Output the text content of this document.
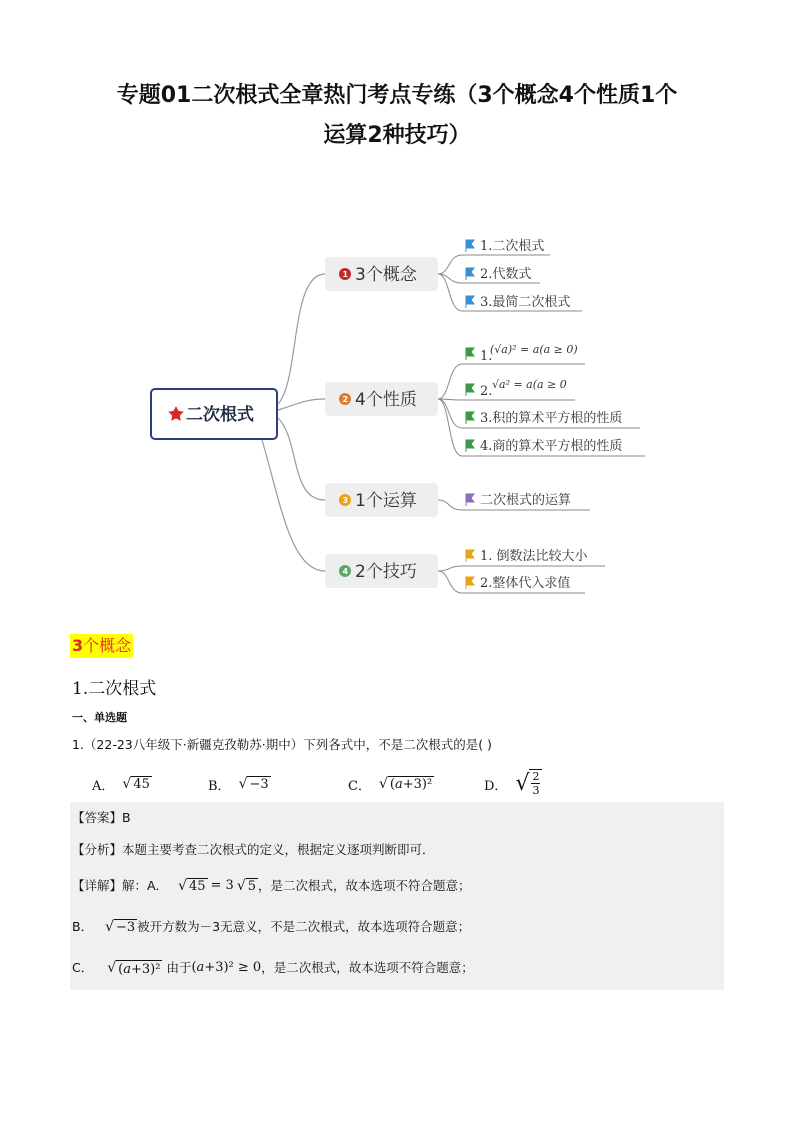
专题01二次根式全章热门考点专练（3个概念4个性质1个
运算2种技巧）
二次根式
1 3个概念
2 4个性质
3 1个运算
4 2个技巧
1.二次根式
2.代数式
3.最简二次根式
1.
(√a)² = a(a ≥ 0)
2. √a² = a(a ≥ 0
3.积的算术平方根的性质
4.商的算术平方根的性质
二次根式的运算
1. 倒数法比较大小
2.整体代入求值
3个概念
1.二次根式
一、单选题
1.（22-23八年级下·新疆克孜勒苏·期中）下列各式中，不是二次根式的是( )
A． √ 45	B． √ −3	C． √ (a+3)²	D． √ 2
3
【答案】B
【分析】本题主要考查二次根式的定义，根据定义逐项判断即可．
【详解】解：A． √ 45 = 3 √ 5 ，是二次根式，故本选项不符合题意；
B． √ −3 被开方数为－3无意义，不是二次根式，故本选项符合题意；
C． √ (a+3)² 由于 ( a +3)² ≥ 0 ，是二次根式，故本选项不符合题意；
